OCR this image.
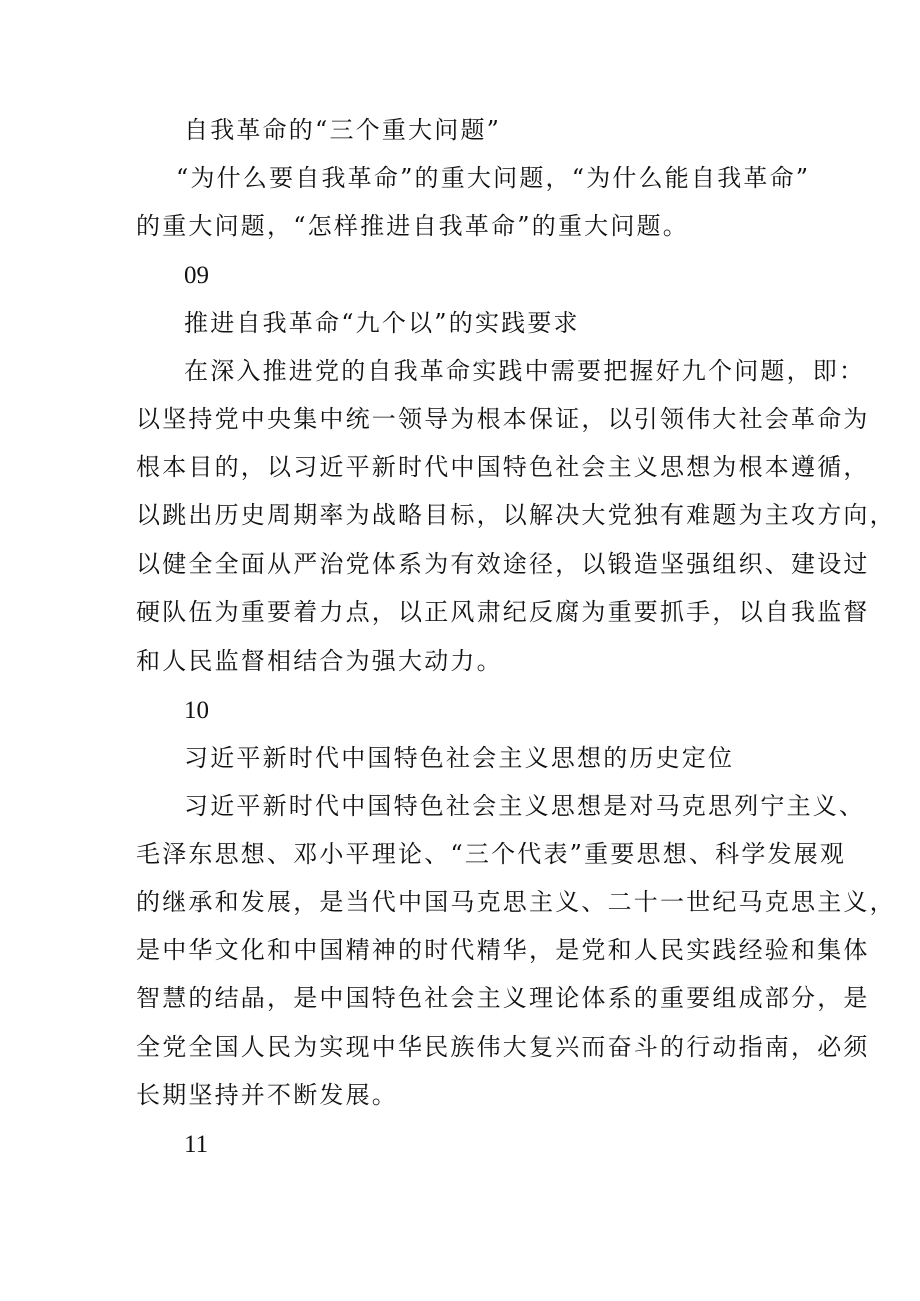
自我革命的“三个重大问题”
“为什么要自我革命”的重大问题，“为什么能自我革命”
的重大问题，“怎样推进自我革命”的重大问题。
09
推进自我革命“九个以”的实践要求
在深入推进党的自我革命实践中需要把握好九个问题，即：
以坚持党中央集中统一领导为根本保证，以引领伟大社会革命为
根本目的，以习近平新时代中国特色社会主义思想为根本遵循，
以跳出历史周期率为战略目标，以解决大党独有难题为主攻方向，
以健全全面从严治党体系为有效途径，以锻造坚强组织、建设过
硬队伍为重要着力点，以正风肃纪反腐为重要抓手，以自我监督
和人民监督相结合为强大动力。
10
习近平新时代中国特色社会主义思想的历史定位
习近平新时代中国特色社会主义思想是对马克思列宁主义、
毛泽东思想、邓小平理论、“三个代表”重要思想、科学发展观
的继承和发展，是当代中国马克思主义、二十一世纪马克思主义，
是中华文化和中国精神的时代精华，是党和人民实践经验和集体
智慧的结晶，是中国特色社会主义理论体系的重要组成部分，是
全党全国人民为实现中华民族伟大复兴而奋斗的行动指南，必须
长期坚持并不断发展。
11
